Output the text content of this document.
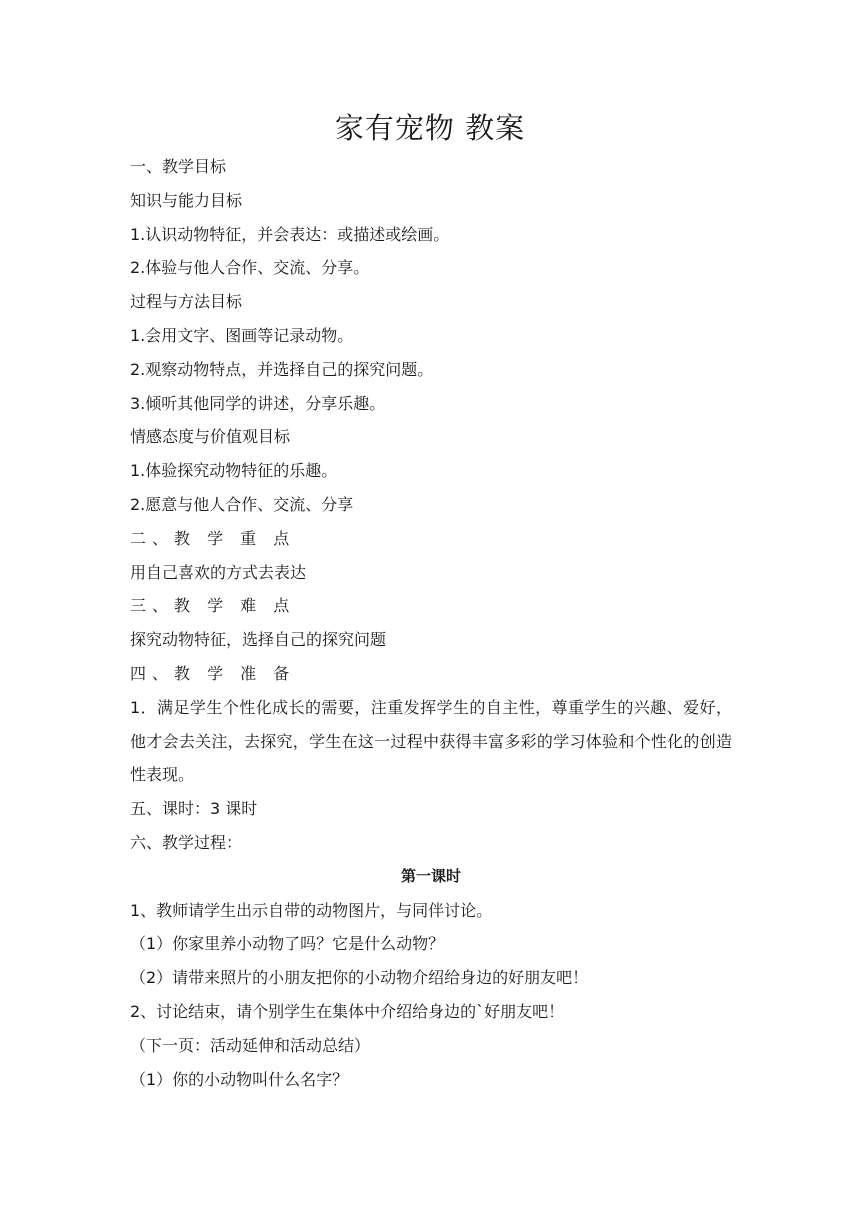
家有宠物 教案
一、教学目标
知识与能力目标
1.认识动物特征，并会表达：或描述或绘画。
2.体验与他人合作、交流、分享。
过程与方法目标
1.会用文字、图画等记录动物。
2.观察动物特点，并选择自己的探究问题。
3.倾听其他同学的讲述，分享乐趣。
情感态度与价值观目标
1.体验探究动物特征的乐趣。
2.愿意与他人合作、交流、分享
二、教 学 重 点
用自己喜欢的方式去表达
三、教 学 难 点
探究动物特征，选择自己的探究问题
四、教 学 准 备
1．满足学生个性化成长的需要，注重发挥学生的自主性，尊重学生的兴趣、爱好，他才会去关注，去探究，学生在这一过程中获得丰富多彩的学习体验和个性化的创造性表现。
五、课时：3 课时
六、教学过程：
第一课时
1、教师请学生出示自带的动物图片，与同伴讨论。
（1）你家里养小动物了吗？它是什么动物？
（2）请带来照片的小朋友把你的小动物介绍给身边的好朋友吧！
2、讨论结束，请个别学生在集体中介绍给身边的`好朋友吧！
（下一页：活动延伸和活动总结）
（1）你的小动物叫什么名字？
